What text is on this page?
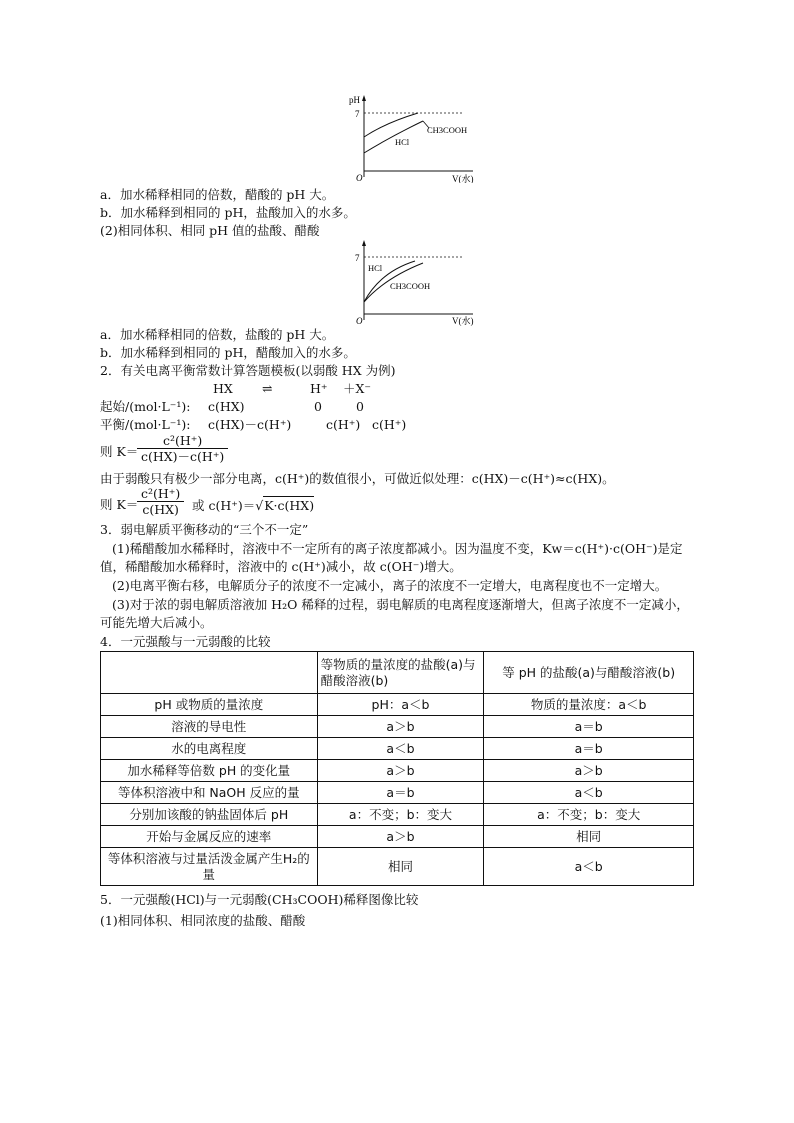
pH
7
O	V(水)
CH3COOH
HCl
a．加水稀释相同的倍数，醋酸的 pH 大。
b．加水稀释到相同的 pH，盐酸加入的水多。
(2)相同体积、相同 pH 值的盐酸、醋酸
7
O	V(水)
HCl
CH3COOH
a．加水稀释相同的倍数，盐酸的 pH 大。
b．加水稀释到相同的 pH，醋酸加入的水多。
2．有关电离平衡常数计算答题模板(以弱酸 HX 为例)
HX ⇌	H⁺ ＋X⁻
起始/(mol·L⁻¹): c(HX)	0	0
平衡/(mol·L⁻¹): c(HX)－c(H⁺)	c(H⁺) c(H⁺)
则 K＝
$\frac{\text{c²(H⁺)}}{c(HX)-c(H^+)}$
由于弱酸只有极少一部分电离，c(H⁺)的数值很小，可做近似处理：c(HX)－c(H⁺)≈c(HX)。
则 K＝
$\frac{\text{c²(H⁺)}}{c(HX)}$ 或 c(H⁺)＝√K·c(HX)
3．弱电解质平衡移动的“三个不一定”
(1)稀醋酸加水稀释时，溶液中不一定所有的离子浓度都减小。因为温度不变，Kw＝c(H⁺)·c(OH⁻)是定
值，稀醋酸加水稀释时，溶液中的 c(H⁺)减小，故 c(OH⁻)增大。
(2)电离平衡右移，电解质分子的浓度不一定减小，离子的浓度不一定增大，电离程度也不一定增大。
(3)对于浓的弱电解质溶液加 H₂O 稀释的过程，弱电解质的电离程度逐渐增大，但离子浓度不一定减小，
可能先增大后减小。
4．一元强酸与一元弱酸的比较
	等物质的量浓度的盐酸(a)与醋酸溶液(b)	等 pH 的盐酸(a)与醋酸溶液(b)
pH 或物质的量浓度	pH：a＜b	物质的量浓度：a＜b
溶液的导电性	a＞b	a＝b
水的电离程度	a＜b	a＝b
加水稀释等倍数 pH 的变化量	a＞b	a＞b
等体积溶液中和 NaOH 反应的量	a＝b	a＜b
分别加该酸的钠盐固体后 pH	a：不变；b：变大	a：不变；b：变大
开始与金属反应的速率	a＞b	相同
等体积溶液与过量活泼金属产生H₂的量	相同	a＜b
5．一元强酸(HCl)与一元弱酸(CH₃COOH)稀释图像比较
(1)相同体积、相同浓度的盐酸、醋酸
